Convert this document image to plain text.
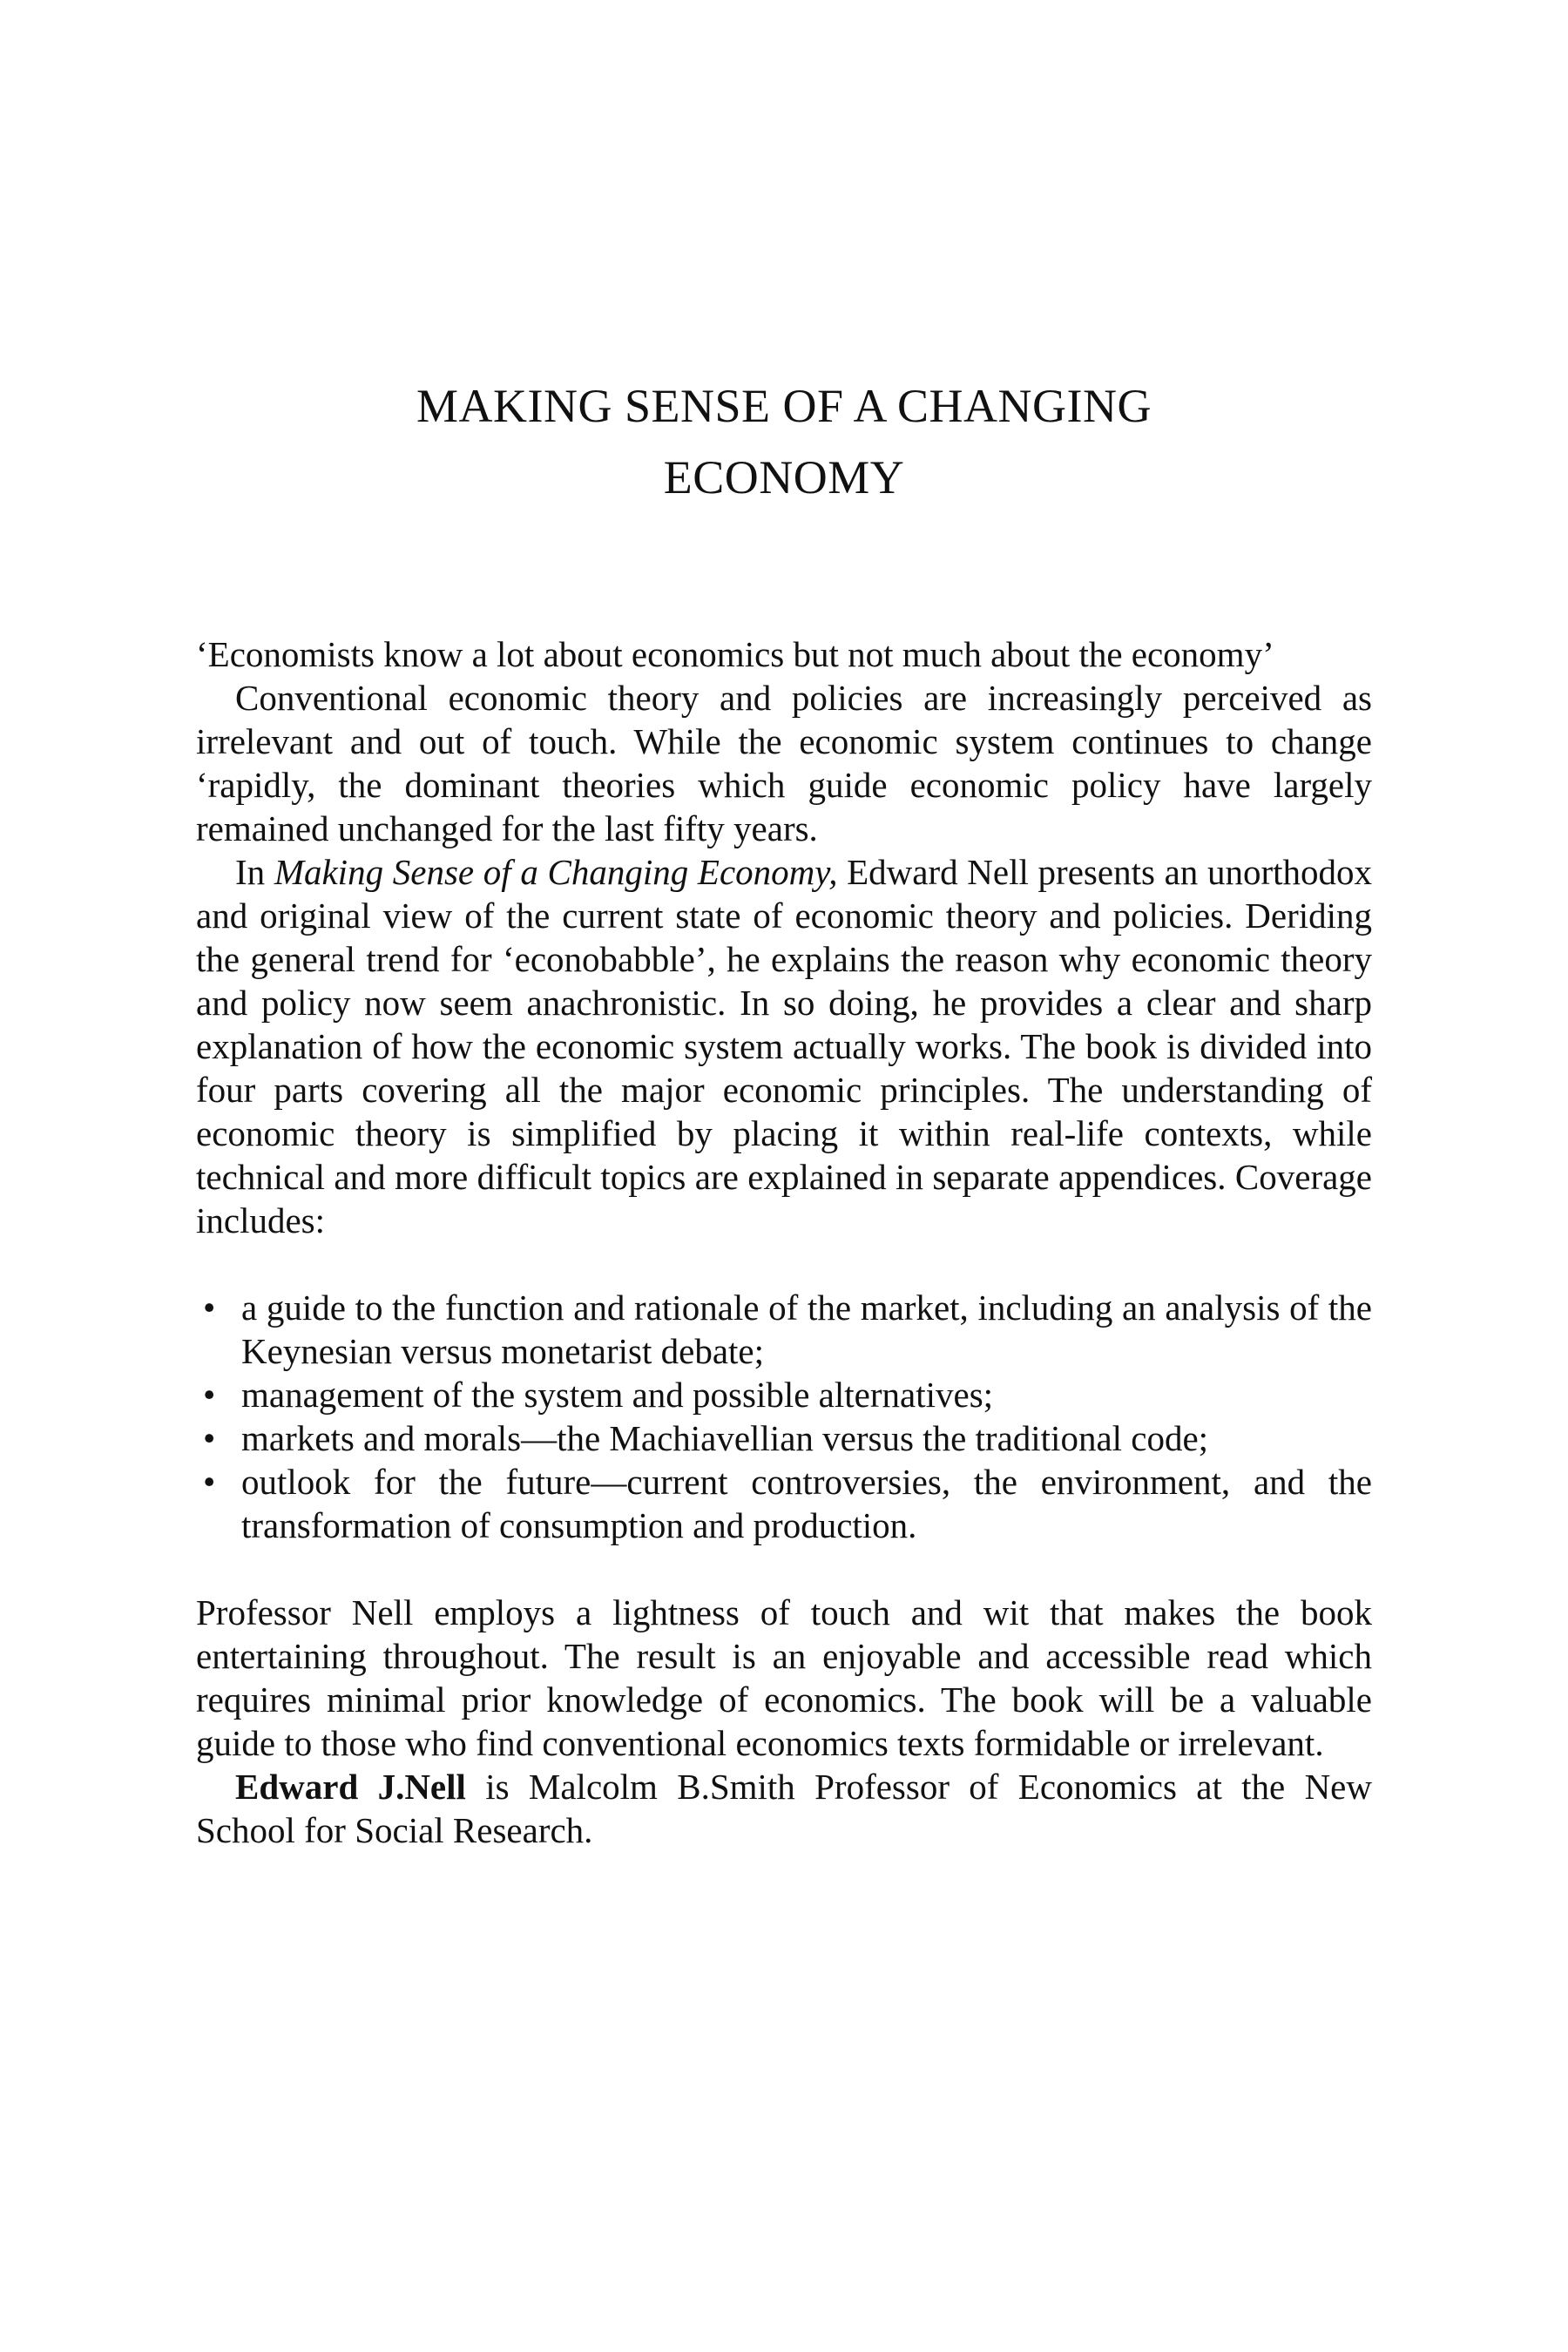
MAKING SENSE OF A CHANGING
ECONOMY

‘Economists know a lot about economics but not much about the economy’

Conventional economic theory and policies are increasingly perceived as irrelevant and out of touch. While the economic system continues to change ‘rapidly, the dominant theories which guide economic policy have largely remained unchanged for the last fifty years.

In Making Sense of a Changing Economy, Edward Nell presents an unorthodox and original view of the current state of economic theory and policies. Deriding the general trend for ‘econobabble’, he explains the reason why economic theory and policy now seem anachronistic. In so doing, he provides a clear and sharp explanation of how the economic system actually works. The book is divided into four parts covering all the major economic principles. The understanding of economic theory is simplified by placing it within real-life contexts, while technical and more difficult topics are explained in separate appendices. Coverage includes:

• a guide to the function and rationale of the market, including an analysis of the Keynesian versus monetarist debate;
• management of the system and possible alternatives;
• markets and morals—the Machiavellian versus the traditional code;
• outlook for the future—current controversies, the environment, and the transformation of consumption and production.

Professor Nell employs a lightness of touch and wit that makes the book entertaining throughout. The result is an enjoyable and accessible read which requires minimal prior knowledge of economics. The book will be a valuable guide to those who find conventional economics texts formidable or irrelevant.

Edward J.Nell is Malcolm B.Smith Professor of Economics at the New School for Social Research.
